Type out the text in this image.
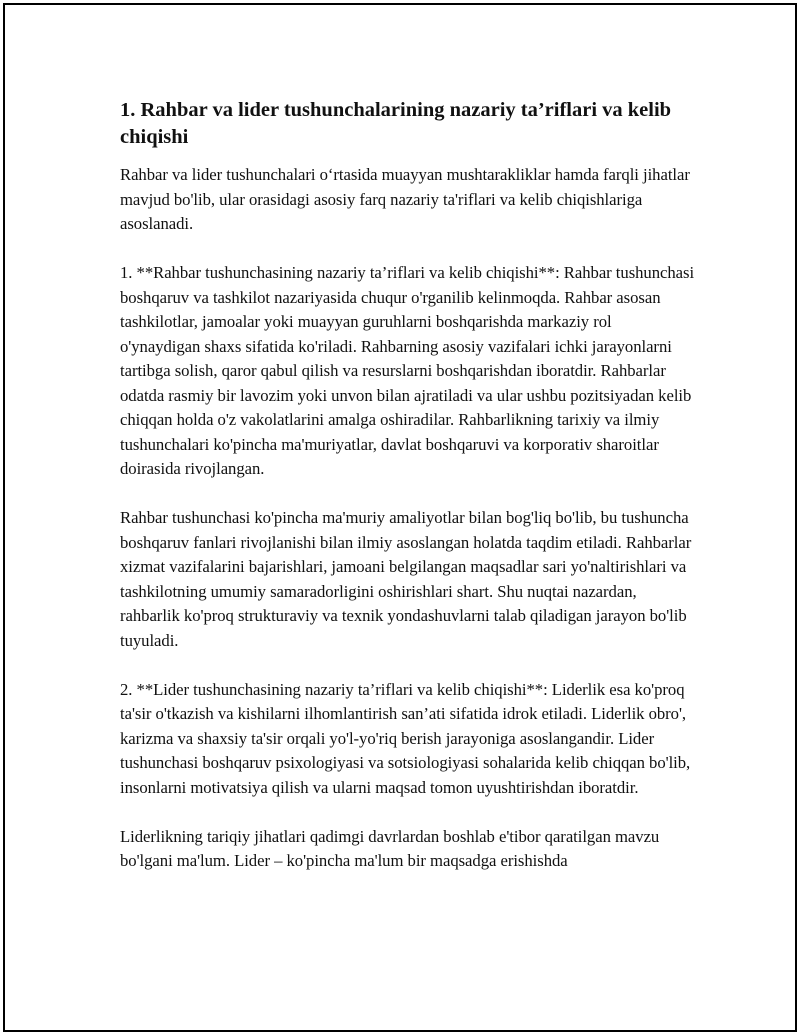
1. Rahbar va lider tushunchalarining nazariy ta’riflari va kelib chiqishi

Rahbar va lider tushunchalari o‘rtasida muayyan mushtarakliklar hamda farqli jihatlar mavjud bo'lib, ular orasidagi asosiy farq nazariy ta'riflari va kelib chiqishlariga asoslanadi.

1. **Rahbar tushunchasining nazariy ta’riflari va kelib chiqishi**: Rahbar tushunchasi boshqaruv va tashkilot nazariyasida chuqur o'rganilib kelinmoqda. Rahbar asosan tashkilotlar, jamoalar yoki muayyan guruhlarni boshqarishda markaziy rol o'ynaydigan shaxs sifatida ko'riladi. Rahbarning asosiy vazifalari ichki jarayonlarni tartibga solish, qaror qabul qilish va resurslarni boshqarishdan iboratdir. Rahbarlar odatda rasmiy bir lavozim yoki unvon bilan ajratiladi va ular ushbu pozitsiyadan kelib chiqqan holda o'z vakolatlarini amalga oshiradilar. Rahbarlikning tarixiy va ilmiy tushunchalari ko'pincha ma'muriyatlar, davlat boshqaruvi va korporativ sharoitlar doirasida rivojlangan.

Rahbar tushunchasi ko'pincha ma'muriy amaliyotlar bilan bog'liq bo'lib, bu tushuncha boshqaruv fanlari rivojlanishi bilan ilmiy asoslangan holatda taqdim etiladi. Rahbarlar xizmat vazifalarini bajarishlari, jamoani belgilangan maqsadlar sari yo'naltirishlari va tashkilotning umumiy samaradorligini oshirishlari shart. Shu nuqtai nazardan, rahbarlik ko'proq strukturaviy va texnik yondashuvlarni talab qiladigan jarayon bo'lib tuyuladi.

2. **Lider tushunchasining nazariy ta’riflari va kelib chiqishi**: Liderlik esa ko'proq ta'sir o'tkazish va kishilarni ilhomlantirish san’ati sifatida idrok etiladi. Liderlik obro', karizma va shaxsiy ta'sir orqali yo'l-yo'riq berish jarayoniga asoslangandir. Lider tushunchasi boshqaruv psixologiyasi va sotsiologiyasi sohalarida kelib chiqqan bo'lib, insonlarni motivatsiya qilish va ularni maqsad tomon uyushtirishdan iboratdir.

Liderlikning tariqiy jihatlari qadimgi davrlardan boshlab e'tibor qaratilgan mavzu bo'lgani ma'lum. Lider – ko'pincha ma'lum bir maqsadga erishishda
